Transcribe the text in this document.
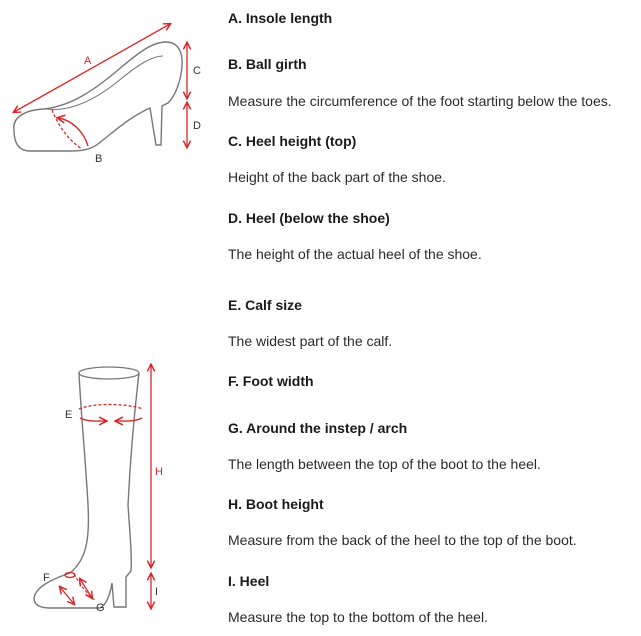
A
B
C
D
E
H
I
F
G
A. Insole length
B. Ball girth
Measure the circumference of the foot starting below the toes.
C. Heel height (top)
Height of the back part of the shoe.
D. Heel (below the shoe)
The height of the actual heel of the shoe.
E. Calf size
The widest part of the calf.
F. Foot width
G. Around the instep / arch
The length between the top of the boot to the heel.
H. Boot height
Measure from the back of the heel to the top of the boot.
I. Heel
Measure the top to the bottom of the heel.
